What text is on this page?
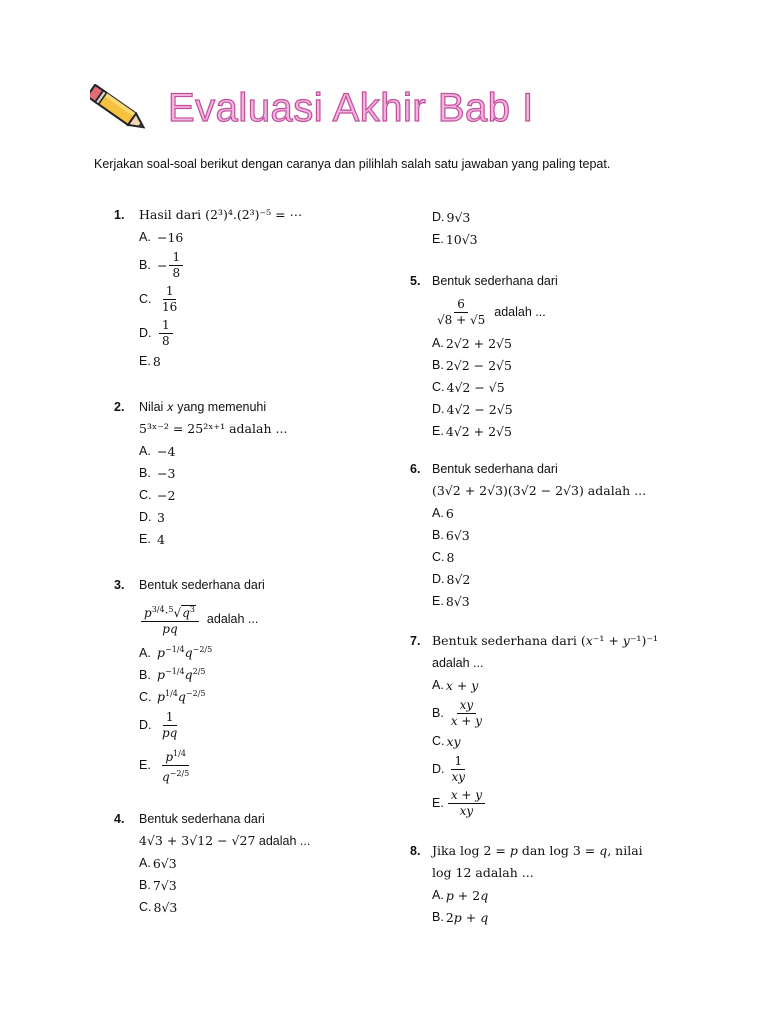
Evaluasi Akhir Bab I
Kerjakan soal-soal berikut dengan caranya dan pilihlah salah satu jawaban yang paling tepat.
1. Hasil dari (2³)⁴.(2³)⁻⁵ = ⋯
A. −16
B. − $\frac{1}{8}$
C. $\frac{1}{16}$
D. $\frac{1}{8}$
E. 8
2. Nilai 𝑥 yang memenuhi
5³ˣ⁻² = 25²ˣ⁺¹ adalah ...
A. −4
B. −3
C. −2
D. 3
E. 4
3. Bentuk sederhana dari
$\frac{𝑝^{3/4}\cdot^5√𝑞^3}{\text{𝑝𝑞}}$ adalah ...
A. 𝑝$^{-1/4}$𝑞$^{-2/5}$
B. 𝑝$^{-1/4}$𝑞$^{2/5}$
C. 𝑝$^{1/4}$𝑞$^{-2/5}$
D. $\frac{1}{\text{𝑝𝑞}}$
E. $\frac{𝑝^{1/4}}{𝑞^{-2/5}}$
4. Bentuk sederhana dari
4√3 + 3√12 − √27 adalah ...
A. 6√3
B. 7√3
C. 8√3
D. 9√3
E. 10√3
5. Bentuk sederhana dari
$\frac{6}{√8 + √5}$ adalah ...
A. 2√2 + 2√5
B. 2√2 − 2√5
C. 4√2 − √5
D. 4√2 − 2√5
E. 4√2 + 2√5
6. Bentuk sederhana dari
(3√2 + 2√3)(3√2 − 2√3) adalah ...
A. 6
B. 6√3
C. 8
D. 8√2
E. 8√3
7. Bentuk sederhana dari (𝑥⁻¹ + 𝑦⁻¹)⁻¹
adalah ...
A. 𝑥 + 𝑦
B. $\frac{\text{𝑥𝑦}}{\text{𝑥 + 𝑦}}$
C. 𝑥𝑦
D. $\frac{1}{\text{𝑥𝑦}}$
E. $\frac{\text{𝑥 + 𝑦}}{\text{𝑥𝑦}}$
8. Jika log 2 = 𝑝 dan log 3 = 𝑞, nilai
log 12 adalah ...
A. 𝑝 + 2𝑞
B. 2𝑝 + 𝑞
